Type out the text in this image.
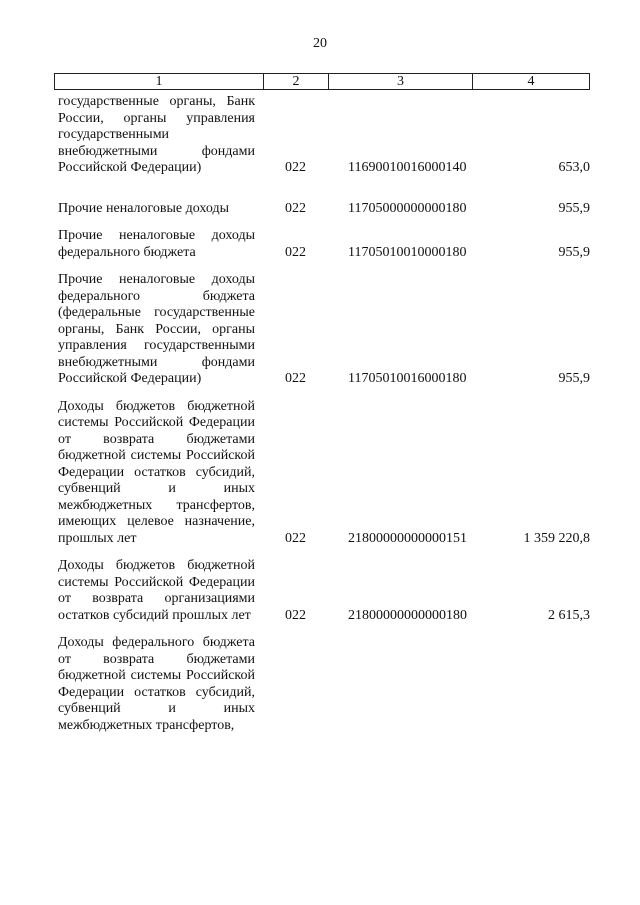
20
1	2	3	4
государственные органы, Банк России, органы управления государственными внебюджетными фондами Российской Федерации)	022	11690010016000140	653,0
Прочие неналоговые доходы	022	11705000000000180	955,9
Прочие неналоговые доходы федерального бюджета	022	11705010010000180	955,9
Прочие неналоговые доходы федерального бюджета (федеральные государственные органы, Банк России, органы управления государственными внебюджетными фондами Российской Федерации)	022	11705010016000180	955,9
Доходы бюджетов бюджетной системы Российской Федерации от возврата бюджетами бюджетной системы Российской Федерации остатков субсидий, субвенций и иных межбюджетных трансфертов, имеющих целевое назначение, прошлых лет	022	21800000000000151	1 359 220,8
Доходы бюджетов бюджетной системы Российской Федерации от возврата организациями остатков субсидий прошлых лет	022	21800000000000180	2 615,3
Доходы федерального бюджета от возврата бюджетами бюджетной системы Российской Федерации остатков субсидий, субвенций и иных межбюджетных трансфертов,
